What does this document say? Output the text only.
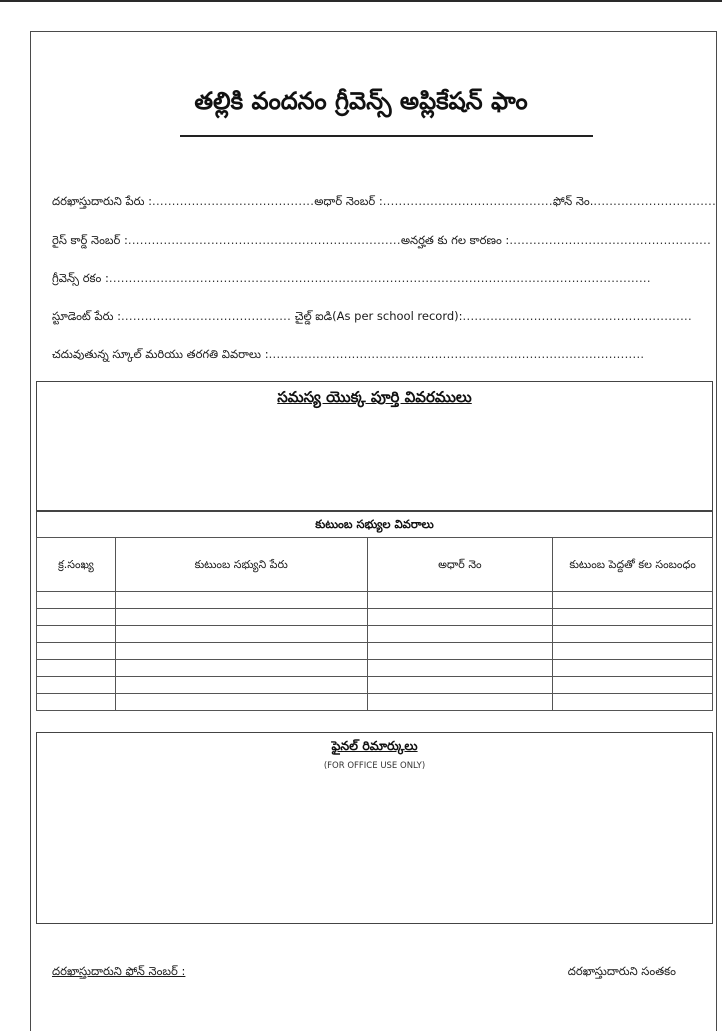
తల్లికి వందనం గ్రీవెన్స్ అప్లికేషన్ ఫాం
దరఖాస్తుదారుని పేరు :.........................................అధార్ నెంబర్ :...........................................ఫోన్ నెం................................
రైస్ కార్డ్ నెంబర్ :.....................................................................అనర్హత కు గల కారణం :...................................................
గ్రీవెన్స్ రకం :.........................................................................................................................................
స్టూడెంట్ పేరు :........................................... చైల్డ్ ఐడి(As per school record):..........................................................
చదువుతున్న స్కూల్ మరియు తరగతి వివరాలు :...............................................................................................
సమస్య యొక్క పూర్తి వివరములు
కుటుంబ సభ్యుల వివరాలు
క్ర.సంఖ్య	కుటుంబ సభ్యుని పేరు	అధార్ నెం	కుటుంబ పెద్దతో కల సంబంధం

ఫైనల్ రిమార్కులు
(FOR OFFICE USE ONLY)
దరఖాస్తుదారుని ఫోన్ నెంబర్ :	దరఖాస్తుదారుని సంతకం
